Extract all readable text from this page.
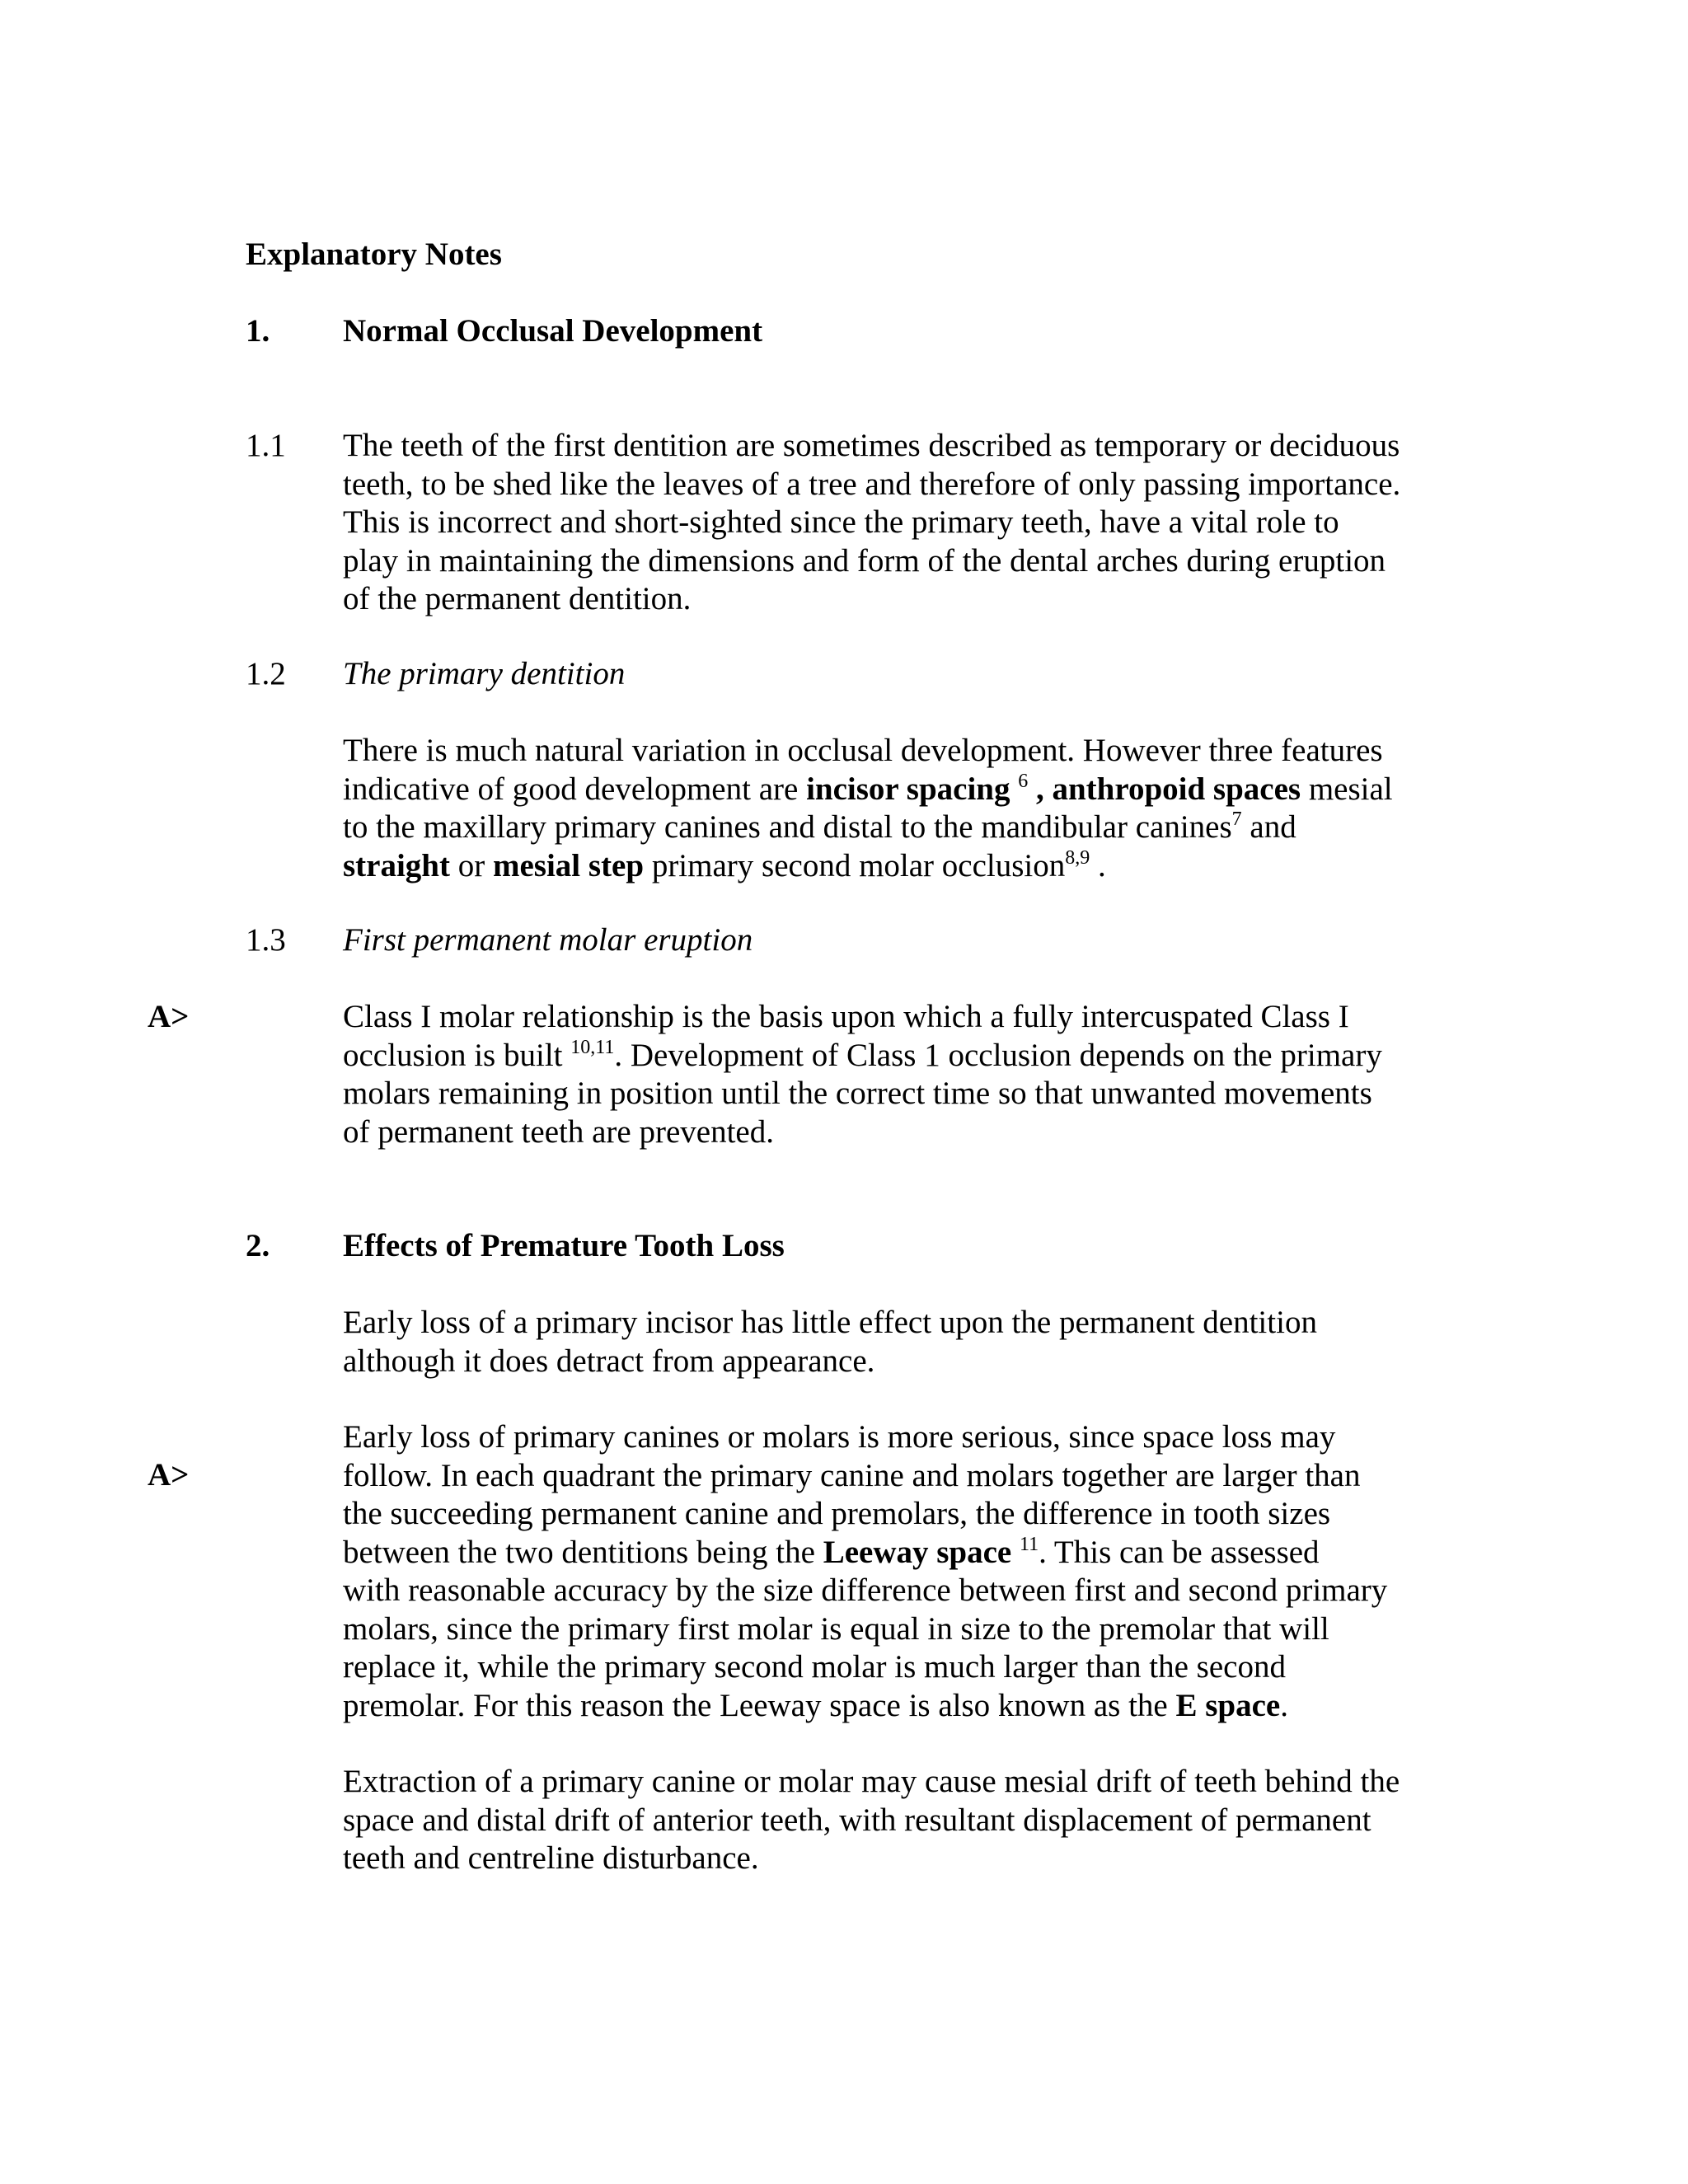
Explanatory Notes
1. Normal Occlusal Development
1.1 The teeth of the first dentition are sometimes described as temporary or deciduous

teeth, to be shed like the leaves of a tree and therefore of only passing importance.

This is incorrect and short-sighted since the primary teeth, have a vital role to

play in maintaining the dimensions and form of the dental arches during eruption

of the permanent dentition.

1.2 The primary dentition

There is much natural variation in occlusal development. However three features

indicative of good development are incisor spacing $^6$ , anthropoid spaces mesial

to the maxillary primary canines and distal to the mandibular canines$^7$ and

straight or mesial step primary second molar occlusion$^{8,9}$ .

1.3 First permanent molar eruption
A>	Class I molar relationship is the basis upon which a fully intercuspated Class I

occlusion is built $^{10,11}$. Development of Class 1 occlusion depends on the primary

molars remaining in position until the correct time so that unwanted movements

of permanent teeth are prevented.

2. Effects of Premature Tooth Loss

Early loss of a primary incisor has little effect upon the permanent dentition

although it does detract from appearance.

A>

Early loss of primary canines or molars is more serious, since space loss may

follow. In each quadrant the primary canine and molars together are larger than

the succeeding permanent canine and premolars, the difference in tooth sizes

between the two dentitions being the Leeway space $^{11}$. This can be assessed

with reasonable accuracy by the size difference between first and second primary

molars, since the primary first molar is equal in size to the premolar that will

replace it, while the primary second molar is much larger than the second

premolar. For this reason the Leeway space is also known as the E space.

Extraction of a primary canine or molar may cause mesial drift of teeth behind the

space and distal drift of anterior teeth, with resultant displacement of permanent

teeth and centreline disturbance.
